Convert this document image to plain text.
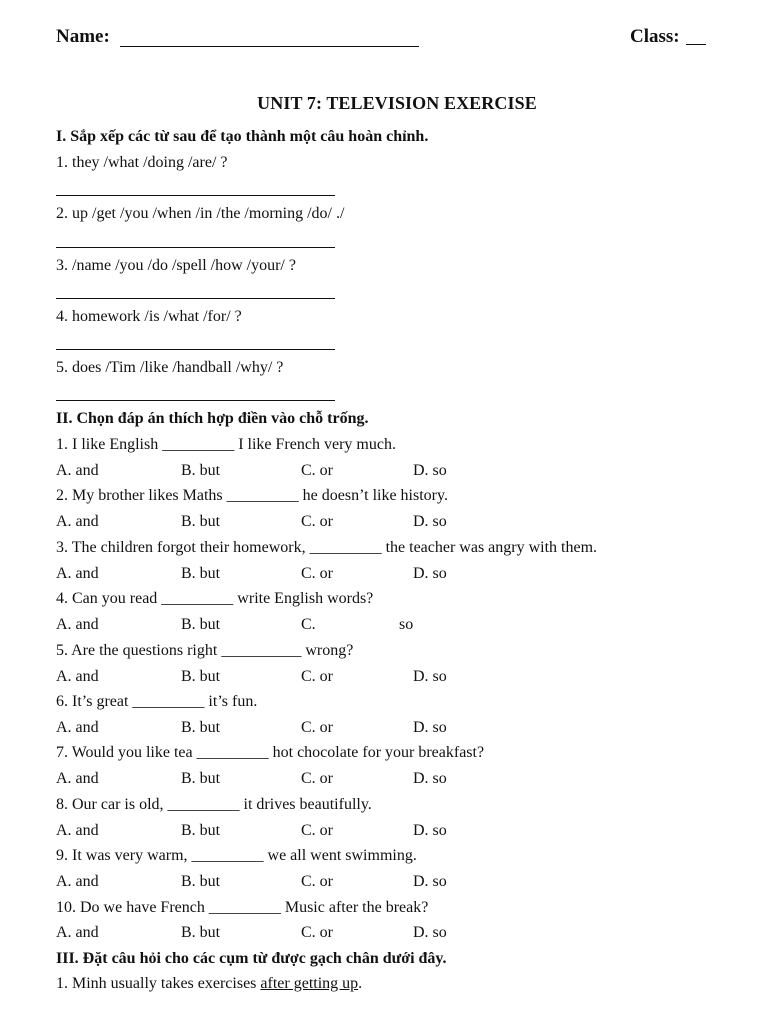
Name:	Class:
UNIT 7: TELEVISION EXERCISE
I. Sắp xếp các từ sau để tạo thành một câu hoàn chỉnh.
1. they /what /doing /are/ ?
2. up /get /you /when /in /the /morning /do/ ./
3. /name /you /do /spell /how /your/ ?
4. homework /is /what /for/ ?
5. does /Tim /like /handball /why/ ?
II. Chọn đáp án thích hợp điền vào chỗ trống.
1. I like English _________ I like French very much.
A. and	B. but	C. or	D. so
2. My brother likes Maths _________ he doesn’t like history.
A. and	B. but	C. or	D. so
3. The children forgot their homework, _________ the teacher was angry with them.
A. and	B. but	C. or	D. so
4. Can you read _________ write English words?
A. and	B. but	C.	so
5. Are the questions right __________ wrong?
A. and	B. but	C. or	D. so
6. It’s great _________ it’s fun.
A. and	B. but	C. or	D. so
7. Would you like tea _________ hot chocolate for your breakfast?
A. and	B. but	C. or	D. so
8. Our car is old, _________ it drives beautifully.
A. and	B. but	C. or	D. so
9. It was very warm, _________ we all went swimming.
A. and	B. but	C. or	D. so
10. Do we have French _________ Music after the break?
A. and	B. but	C. or	D. so
III. Đặt câu hỏi cho các cụm từ được gạch chân dưới đây.
1. Minh usually takes exercises after getting up.
